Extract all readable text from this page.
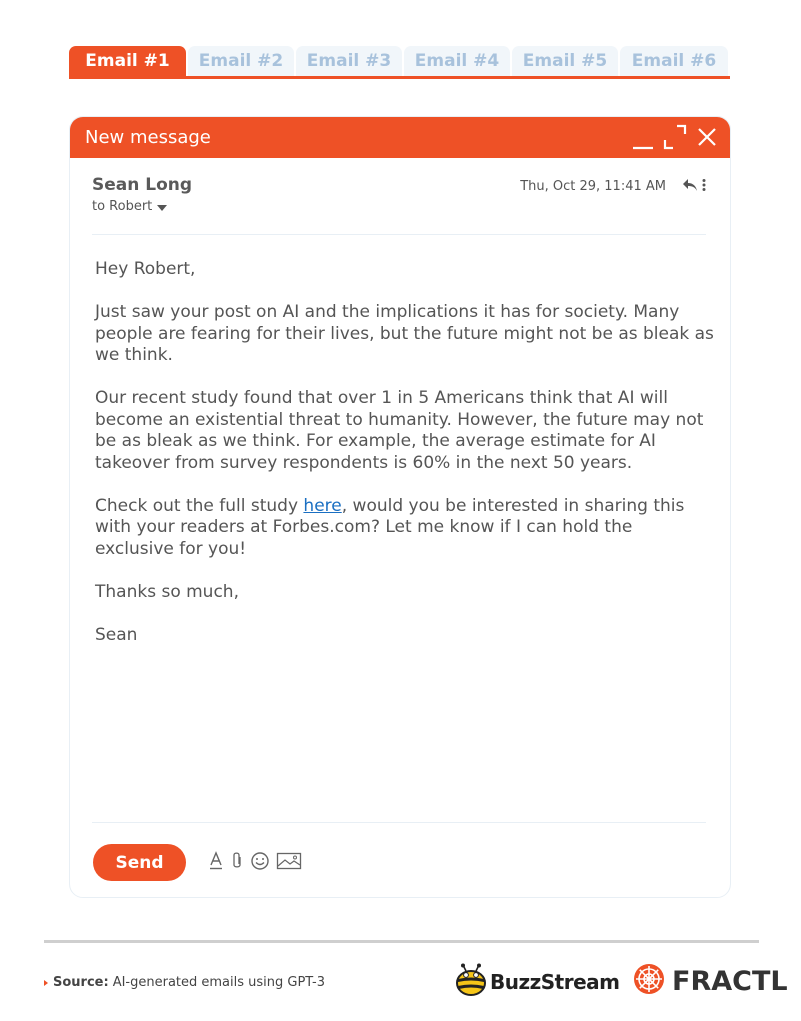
Email #1	Email #2	Email #3	Email #4	Email #5	Email #6
New message
Sean Long
to Robert
Thu, Oct 29, 11:41 AM

Hey Robert,

Just saw your post on AI and the implications it has for society. Many people are fearing for their lives, but the future might not be as bleak as we think.

Our recent study found that over 1 in 5 Americans think that AI will become an existential threat to humanity. However, the future may not be as bleak as we think. For example, the average estimate for AI takeover from survey respondents is 60% in the next 50 years.

Check out the full study here, would you be interested in sharing this with your readers at Forbes.com? Let me know if I can hold the exclusive for you!

Thanks so much,

Sean

Send
Source: AI-generated emails using GPT-3	BuzzStream FRACTL
